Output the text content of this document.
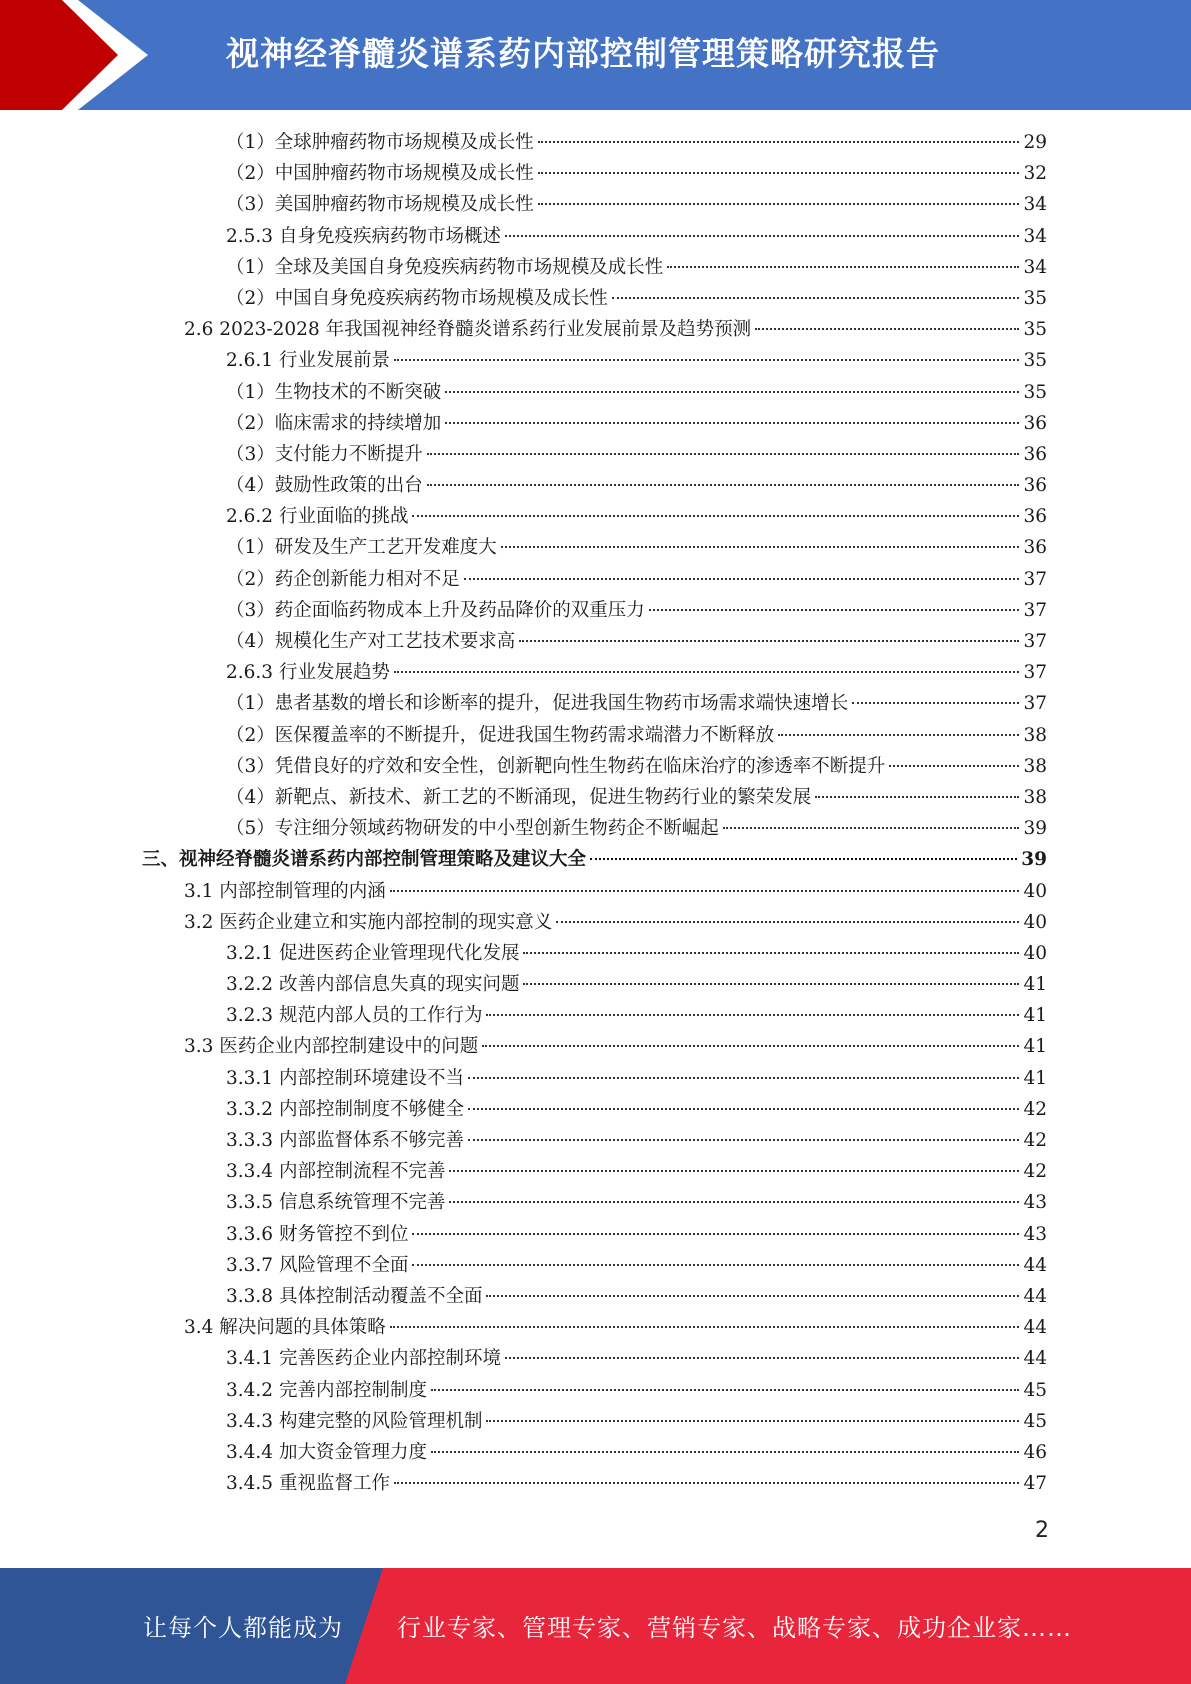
视神经脊髓炎谱系药内部控制管理策略研究报告
（1）全球肿瘤药物市场规模及成长性	29
（2）中国肿瘤药物市场规模及成长性	32
（3）美国肿瘤药物市场规模及成长性	34
2.5.3 自身免疫疾病药物市场概述	34
（1）全球及美国自身免疫疾病药物市场规模及成长性	34
（2）中国自身免疫疾病药物市场规模及成长性	35
2.6 2023-2028 年我国视神经脊髓炎谱系药行业发展前景及趋势预测	35
2.6.1 行业发展前景	35
（1）生物技术的不断突破	35
（2）临床需求的持续增加	36
（3）支付能力不断提升	36
（4）鼓励性政策的出台	36
2.6.2 行业面临的挑战	36
（1）研发及生产工艺开发难度大	36
（2）药企创新能力相对不足	37
（3）药企面临药物成本上升及药品降价的双重压力	37
（4）规模化生产对工艺技术要求高	37
2.6.3 行业发展趋势	37
（1）患者基数的增长和诊断率的提升，促进我国生物药市场需求端快速增长	37
（2）医保覆盖率的不断提升，促进我国生物药需求端潜力不断释放	38
（3）凭借良好的疗效和安全性，创新靶向性生物药在临床治疗的渗透率不断提升	38
（4）新靶点、新技术、新工艺的不断涌现，促进生物药行业的繁荣发展	38
（5）专注细分领域药物研发的中小型创新生物药企不断崛起	39
三、视神经脊髓炎谱系药内部控制管理策略及建议大全	39
3.1 内部控制管理的内涵	40
3.2 医药企业建立和实施内部控制的现实意义	40
3.2.1 促进医药企业管理现代化发展	40
3.2.2 改善内部信息失真的现实问题	41
3.2.3 规范内部人员的工作行为	41
3.3 医药企业内部控制建设中的问题	41
3.3.1 内部控制环境建设不当	41
3.3.2 内部控制制度不够健全	42
3.3.3 内部监督体系不够完善	42
3.3.4 内部控制流程不完善	42
3.3.5 信息系统管理不完善	43
3.3.6 财务管控不到位	43
3.3.7 风险管理不全面	44
3.3.8 具体控制活动覆盖不全面	44
3.4 解决问题的具体策略	44
3.4.1 完善医药企业内部控制环境	44
3.4.2 完善内部控制制度	45
3.4.3 构建完整的风险管理机制	45
3.4.4 加大资金管理力度	46
3.4.5 重视监督工作	47
2
让每个人都能成为 行业专家、管理专家、营销专家、战略专家、成功企业家……
